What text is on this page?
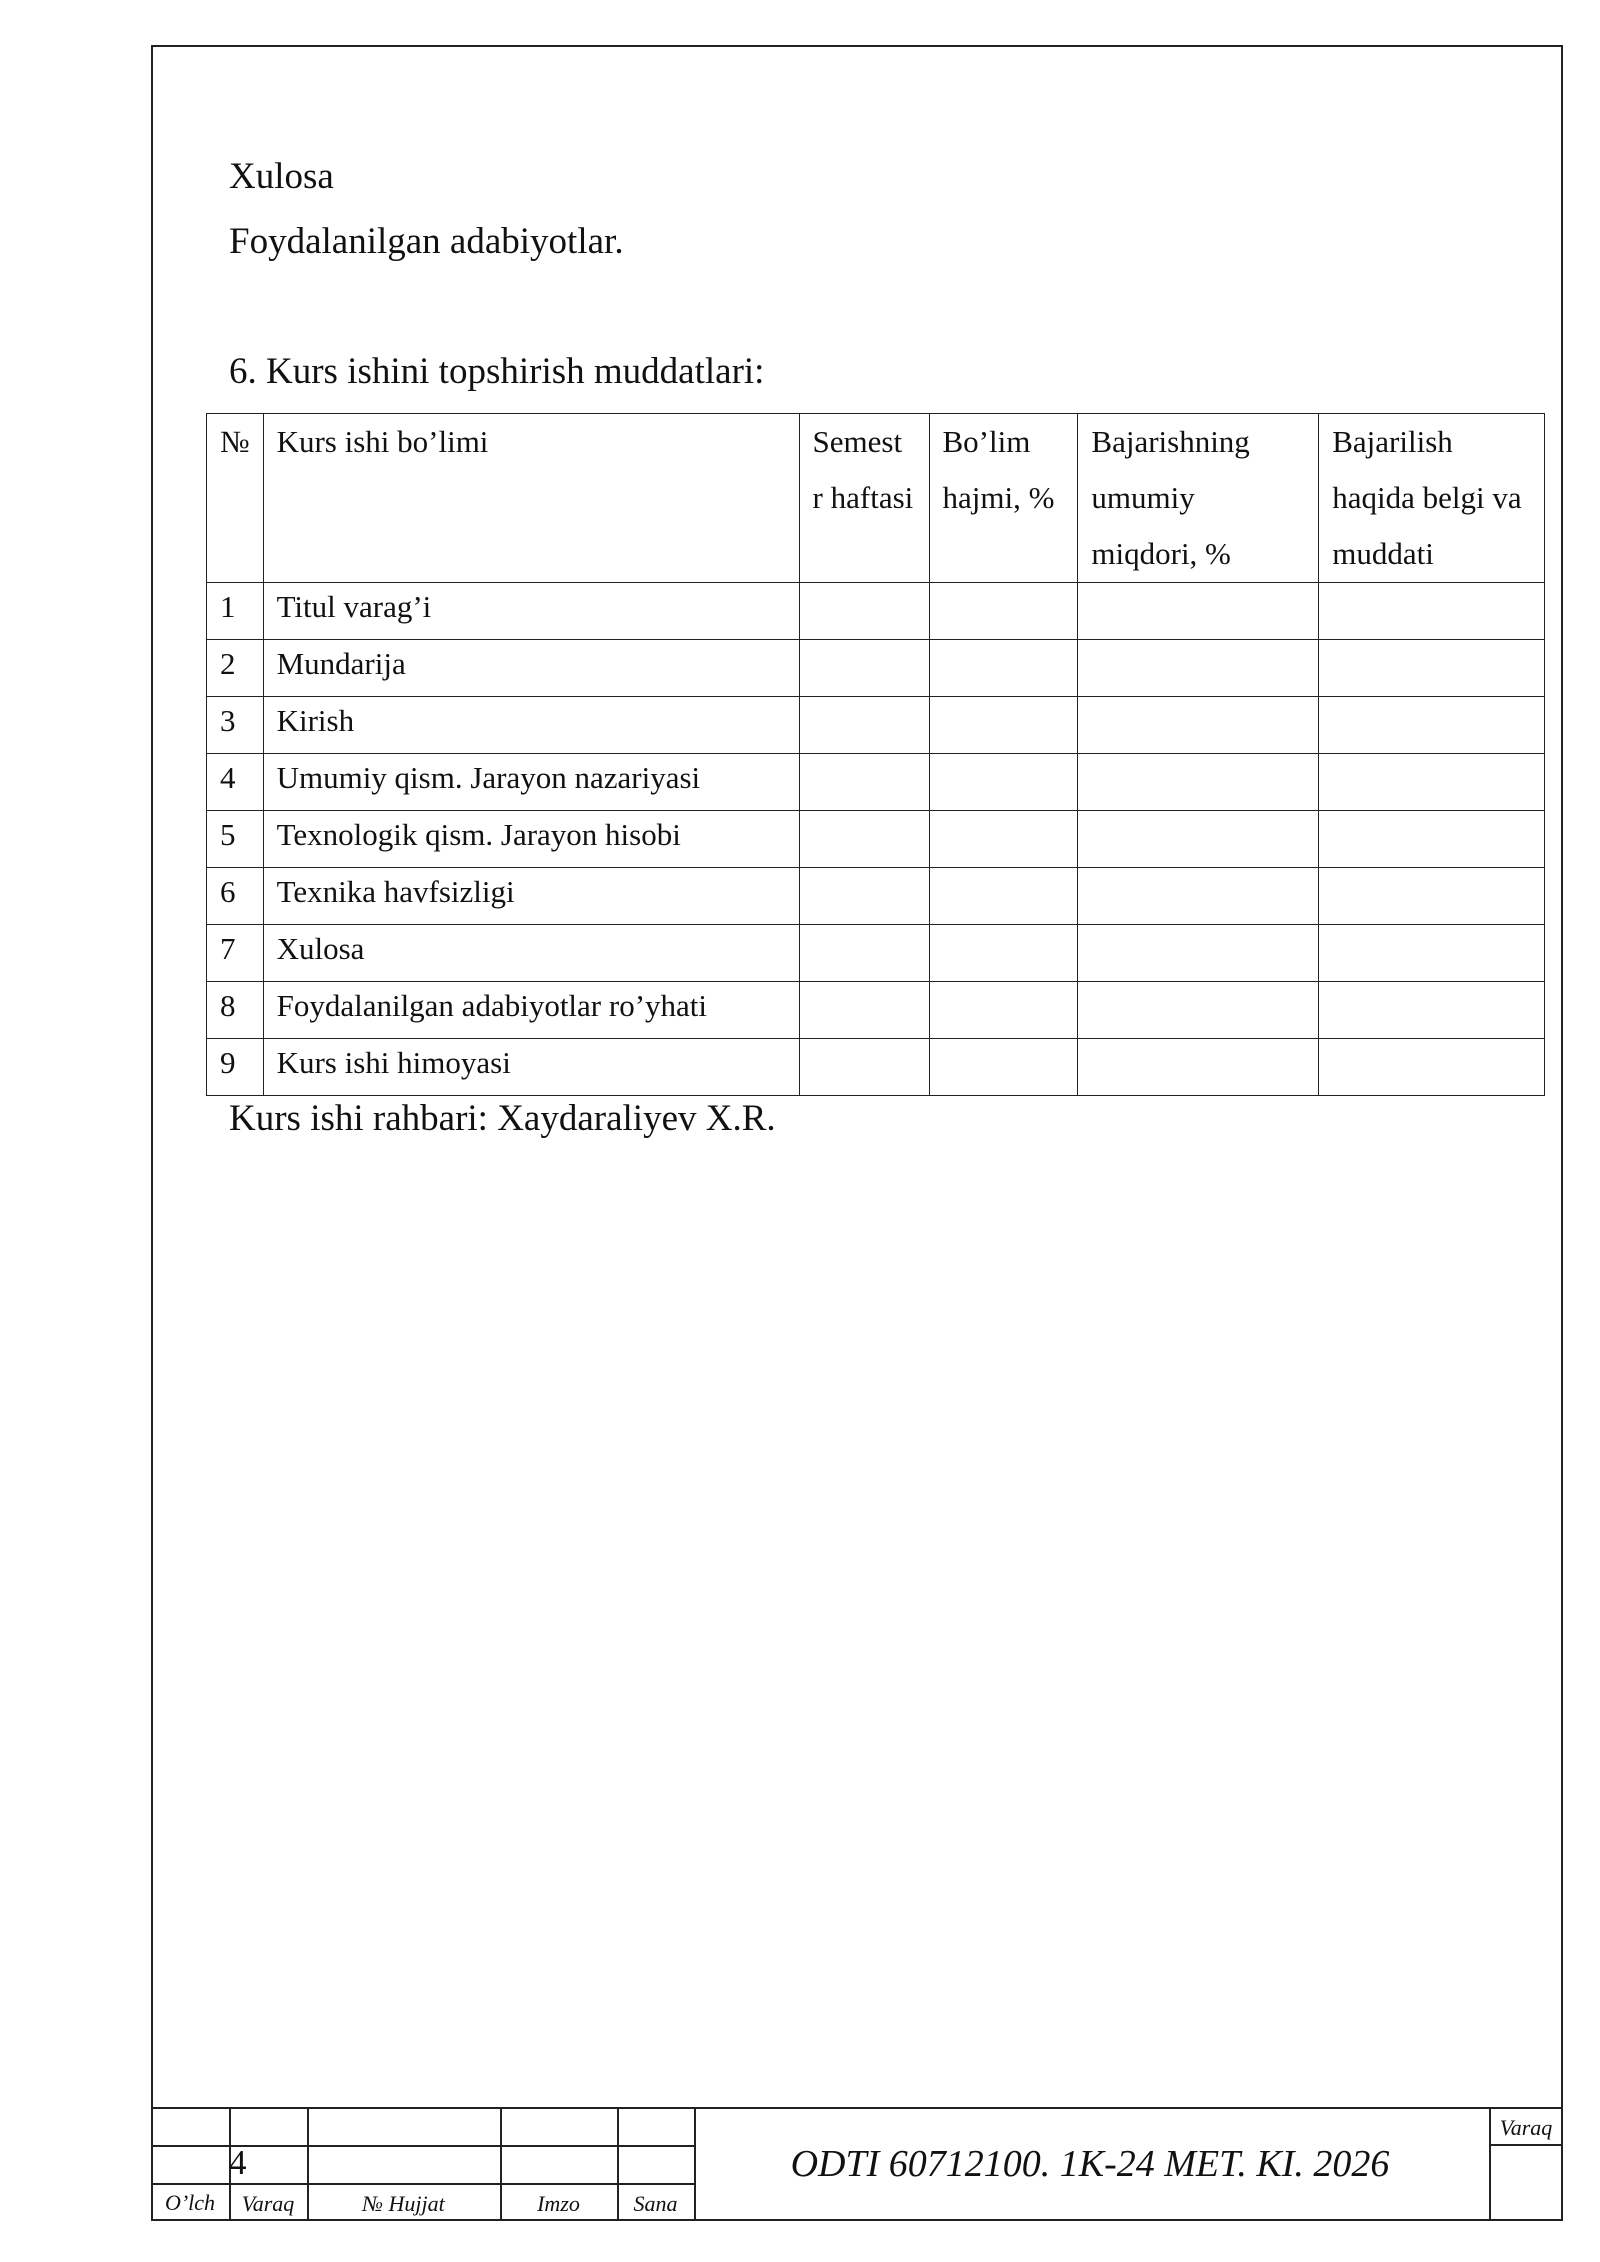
Xulosa
Foydalanilgan adabiyotlar.
6. Kurs ishini topshirish muddatlari:
№	Kurs ishi bo’limi	Semest r haftasi	Bo’lim hajmi, %	Bajarishning umumiy miqdori, %	Bajarilish haqida belgi va muddati
1	Titul varag’i				
2	Mundarija				
3	Kirish				
4	Umumiy qism. Jarayon nazariyasi				
5	Texnologik qism. Jarayon hisobi				
6	Texnika havfsizligi				
7	Xulosa				
8	Foydalanilgan adabiyotlar ro’yhati				
9	Kurs ishi himoyasi				
Kurs ishi rahbari: Xaydaraliyev X.R.
O’lch	Varaq	№ Hujjat	Imzo	Sana
4	ODTI 60712100. 1K-24 MET. KI. 2026
Varaq
